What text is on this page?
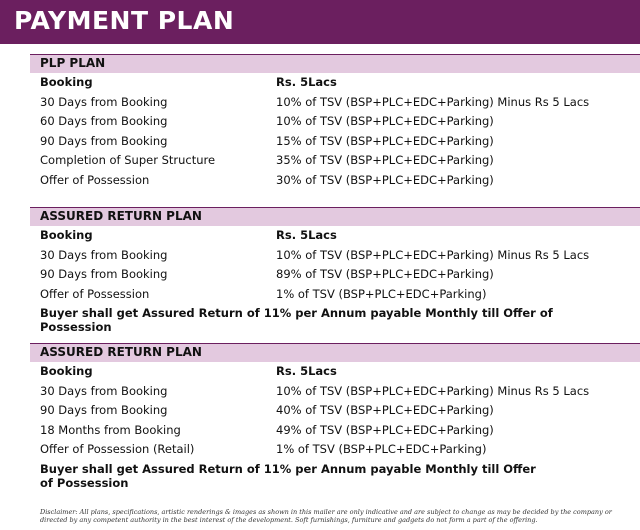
PAYMENT PLAN
PLP PLAN
Booking	Rs. 5Lacs
30 Days from Booking	10% of TSV (BSP+PLC+EDC+Parking) Minus Rs 5 Lacs
60 Days from Booking	10% of TSV (BSP+PLC+EDC+Parking)
90 Days from Booking	15% of TSV (BSP+PLC+EDC+Parking)
Completion of Super Structure	35% of TSV (BSP+PLC+EDC+Parking)
Offer of Possession	30% of TSV (BSP+PLC+EDC+Parking)
ASSURED RETURN PLAN
Booking	Rs. 5Lacs
30 Days from Booking	10% of TSV (BSP+PLC+EDC+Parking) Minus Rs 5 Lacs
90 Days from Booking	89% of TSV (BSP+PLC+EDC+Parking)
Offer of Possession	1% of TSV (BSP+PLC+EDC+Parking)
Buyer shall get Assured Return of 11% per Annum payable Monthly till Offer of Possession
ASSURED RETURN PLAN
Booking	Rs. 5Lacs
30 Days from Booking	10% of TSV (BSP+PLC+EDC+Parking) Minus Rs 5 Lacs
90 Days from Booking	40% of TSV (BSP+PLC+EDC+Parking)
18 Months from Booking	49% of TSV (BSP+PLC+EDC+Parking)
Offer of Possession (Retail)	1% of TSV (BSP+PLC+EDC+Parking)
Buyer shall get Assured Return of 11% per Annum payable Monthly till Offer of Possession
Disclaimer: All plans, specifications, artistic renderings & images as shown in this mailer are only indicative and are subject to change as may be decided by the company or directed by any competent authority in the best interest of the development. Soft furnishings, furniture and gadgets do not form a part of the offering.
